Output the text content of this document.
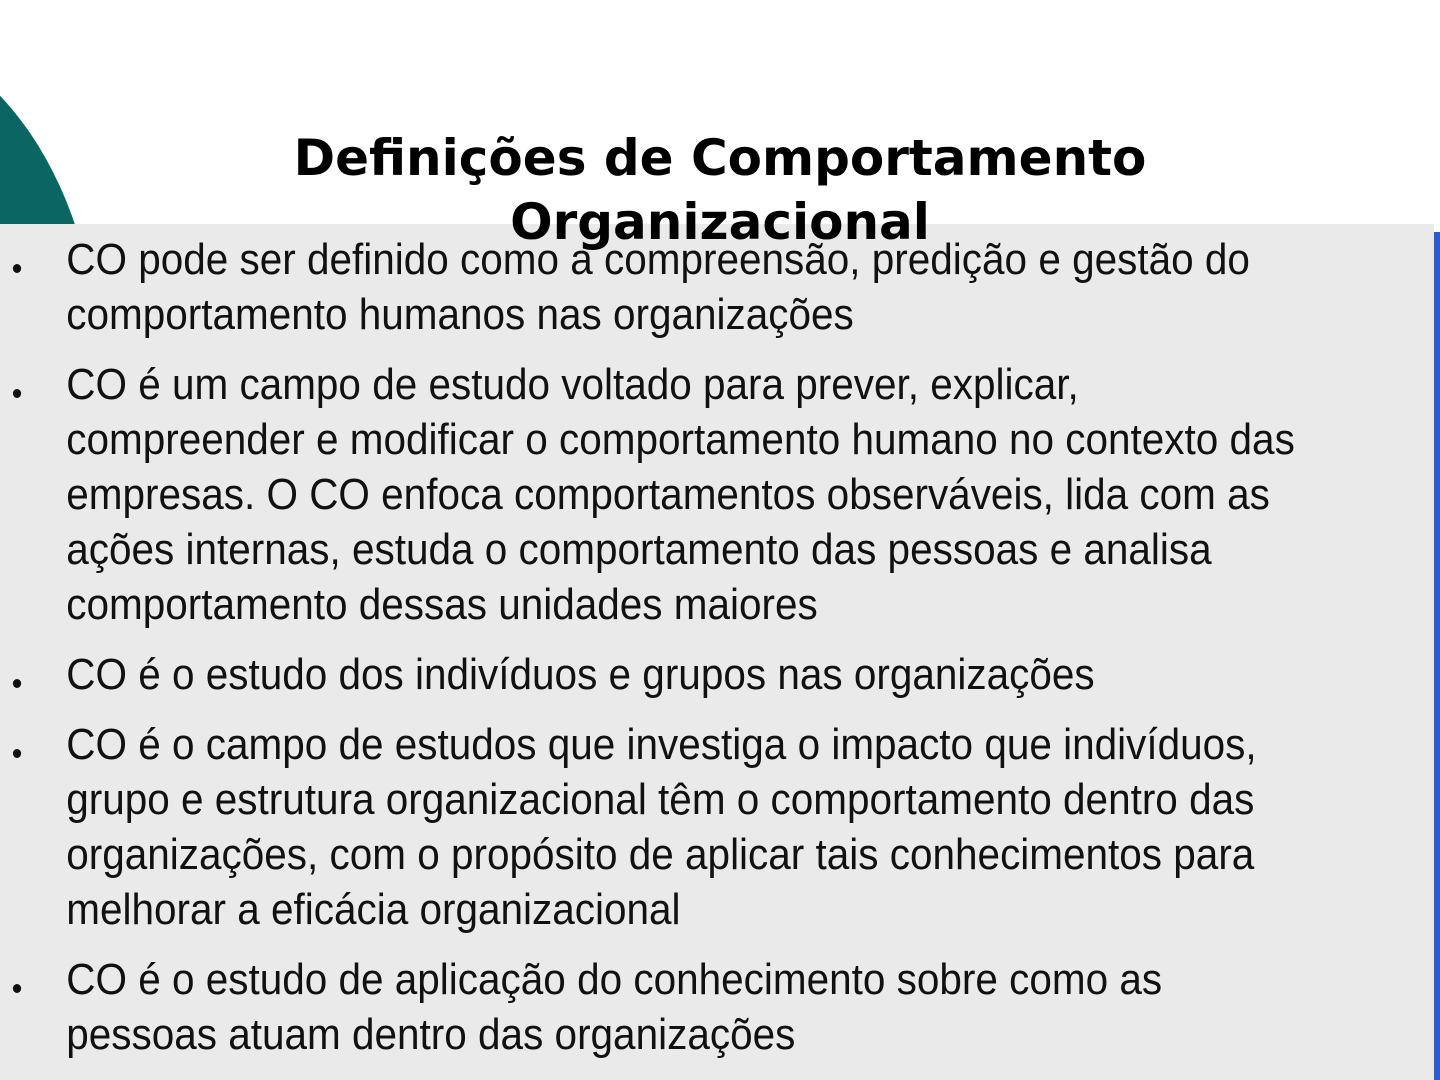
Definições de Comportamento
Organizacional
CO pode ser definido como a compreensão, predição e gestão do comportamento humanos nas organizações
CO é um campo de estudo voltado para prever, explicar, compreender e modificar o comportamento humano no contexto das empresas. O CO enfoca comportamentos observáveis, lida com as ações internas, estuda o comportamento das pessoas e analisa comportamento dessas unidades maiores
CO é o estudo dos indivíduos e grupos nas organizações
CO é o campo de estudos que investiga o impacto que indivíduos, grupo e estrutura organizacional têm o comportamento dentro das organizações, com o propósito de aplicar tais conhecimentos para melhorar a eficácia organizacional
CO é o estudo de aplicação do conhecimento sobre como as pessoas atuam dentro das organizações
